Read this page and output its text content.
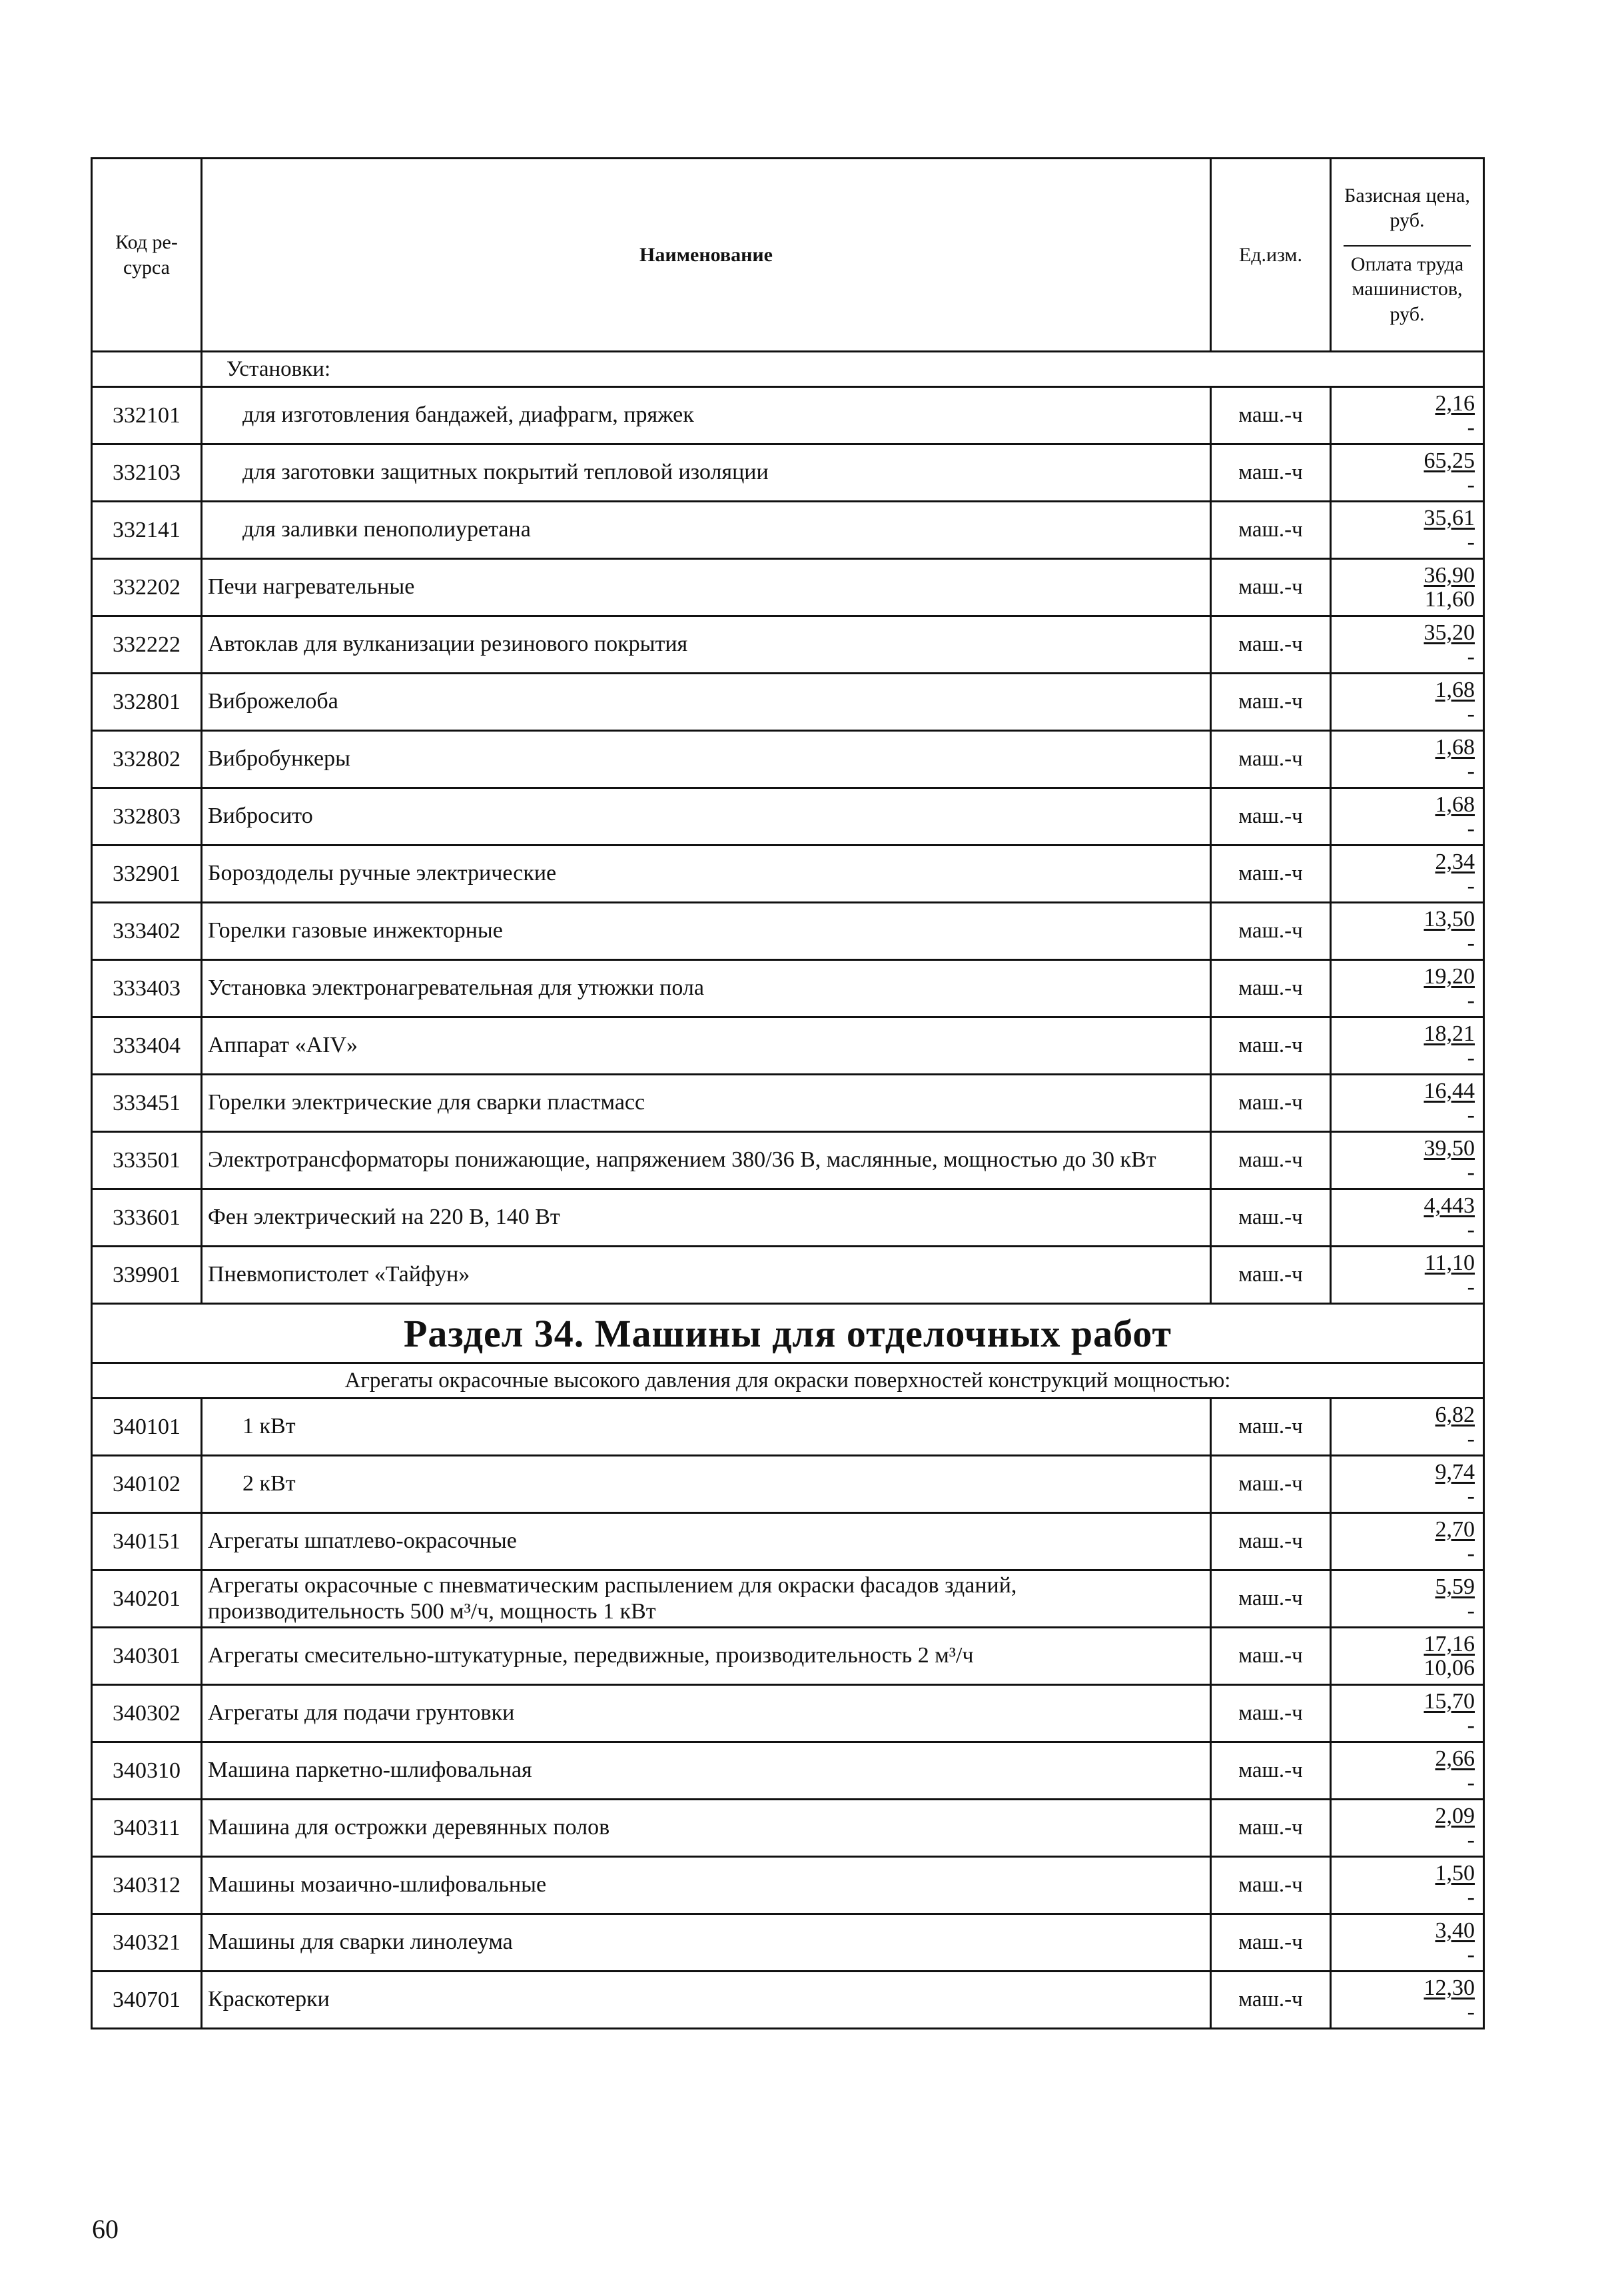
Код ре-
сурса	Наименование	Ед.изм.	Базисная цена,
руб.
Оплата труда
машинистов,
руб.

	Установки:		
332101	для изготовления бандажей, диафрагм, пряжек	маш.-ч	2,16
-

332103	для заготовки защитных покрытий тепловой изоляции	маш.-ч	65,25
-

332141	для заливки пенополиуретана	маш.-ч	35,61
-

332202	Печи нагревательные	маш.-ч	36,90
11,60

332222	Автоклав для вулканизации резинового покрытия	маш.-ч	35,20
-

332801	Виброжелоба	маш.-ч	1,68
-

332802	Вибробункеры	маш.-ч	1,68
-

332803	Вибросито	маш.-ч	1,68
-

332901	Бороздоделы ручные электрические	маш.-ч	2,34
-

333402	Горелки газовые инжекторные	маш.-ч	13,50
-

333403	Установка электронагревательная для утюжки пола	маш.-ч	19,20
-

333404	Аппарат «AIV»	маш.-ч	18,21
-

333451	Горелки электрические для сварки пластмасс	маш.-ч	16,44
-

333501	Электротрансформаторы понижающие, напряжением 380/36 В, маслянные, мощностью до 30 кВт	маш.-ч	39,50
-

333601	Фен электрический на 220 В, 140 Вт	маш.-ч	4,443
-

339901	Пневмопистолет «Тайфун»	маш.-ч	11,10
-

Раздел 34. Машины для отделочных работ			
Агрегаты окрасочные высокого давления для окраски поверхностей конструкций мощностью:			
340101	1 кВт	маш.-ч	6,82
-

340102	2 кВт	маш.-ч	9,74
-

340151	Агрегаты шпатлево-окрасочные	маш.-ч	2,70
-

340201	Агрегаты окрасочные с пневматическим распылением для окраски фасадов зданий, производительность 500 м³/ч, мощность 1 кВт	маш.-ч	5,59
-

340301	Агрегаты смесительно-штукатурные, передвижные, производительность 2 м³/ч	маш.-ч	17,16
10,06

340302	Агрегаты для подачи грунтовки	маш.-ч	15,70
-

340310	Машина паркетно-шлифовальная	маш.-ч	2,66
-

340311	Машина для острожки деревянных полов	маш.-ч	2,09
-

340312	Машины мозаично-шлифовальные	маш.-ч	1,50
-

340321	Машины для сварки линолеума	маш.-ч	3,40
-

340701	Краскотерки	маш.-ч	12,30
-
60
